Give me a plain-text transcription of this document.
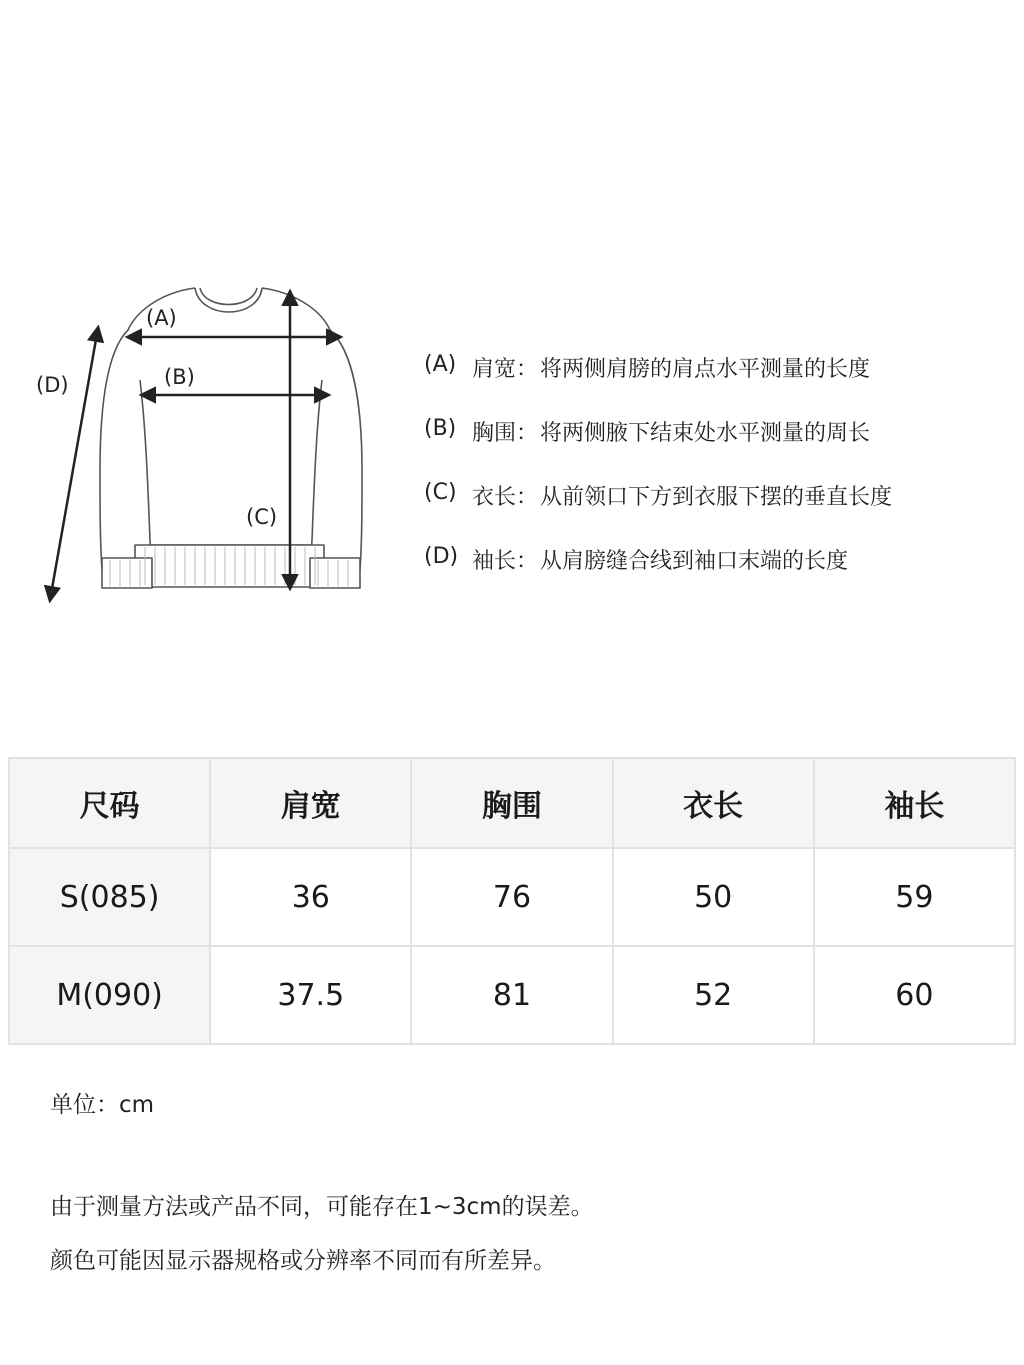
(A)
(B)
(C)
(D)
(A) 肩宽： 将两侧肩膀的肩点水平测量的长度
(B) 胸围： 将两侧腋下结束处水平测量的周长
(C) 衣长： 从前领口下方到衣服下摆的垂直长度
(D) 袖长： 从肩膀缝合线到袖口末端的长度
尺码	肩宽	胸围	衣长	袖长
S(085)	36	76	50	59
M(090)	37.5	81	52	60
单位：cm
由于测量方法或产品不同，可能存在1~3cm的误差。
颜色可能因显示器规格或分辨率不同而有所差异。
